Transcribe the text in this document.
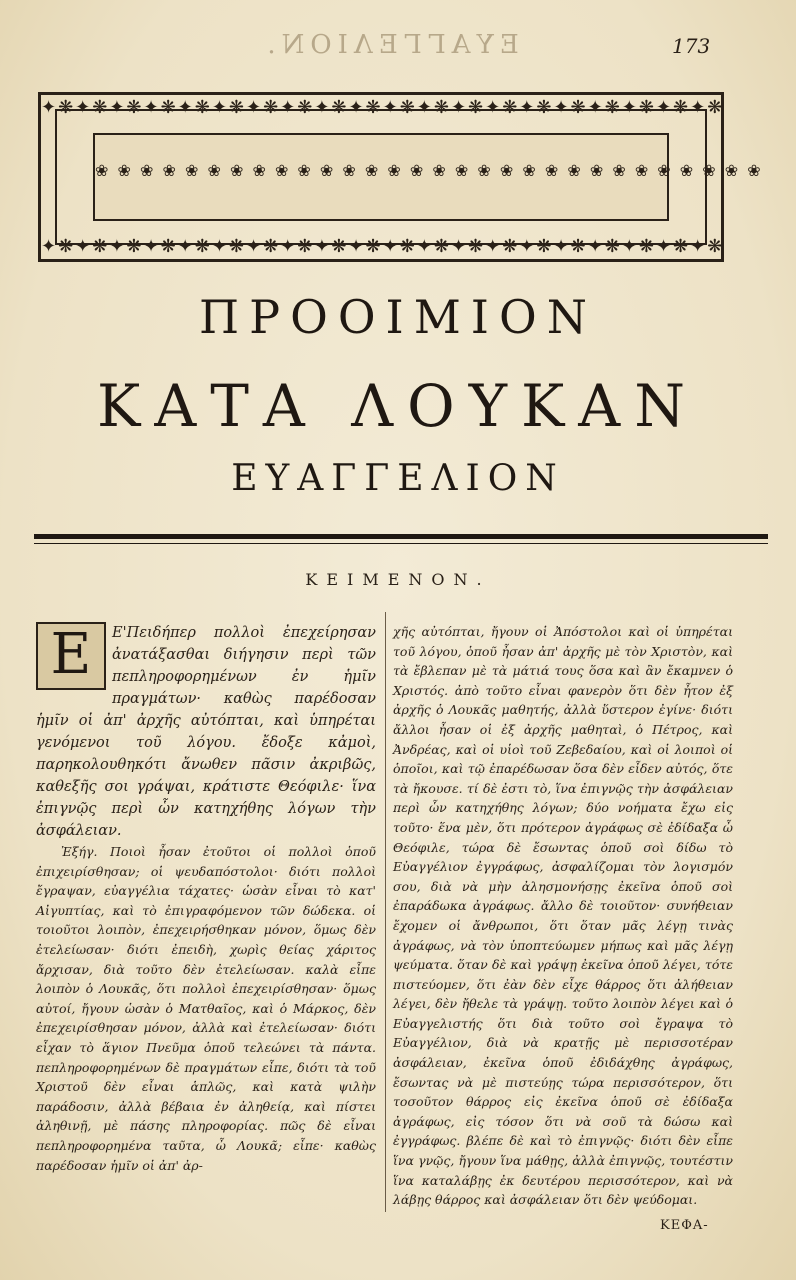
ΕΥΑΓΓΕΛΙΟΝ.	173
✦❋✦❋✦❋✦❋✦❋✦❋✦❋✦❋✦❋✦❋✦❋✦❋✦❋✦❋✦❋✦❋✦❋✦❋✦❋✦❋
❀ ❀ ❀ ❀ ❀ ❀ ❀ ❀ ❀ ❀ ❀ ❀ ❀ ❀ ❀ ❀ ❀ ❀ ❀ ❀ ❀ ❀ ❀ ❀ ❀ ❀ ❀ ❀ ❀ ❀
✦❋✦❋✦❋✦❋✦❋✦❋✦❋✦❋✦❋✦❋✦❋✦❋✦❋✦❋✦❋✦❋✦❋✦❋✦❋✦❋
ΠΡΟΟΙΜΙΟΝ
ΚΑΤΑ ΛΟΥΚΑΝ
ΕΥΑΓΓΕΛΙΟΝ
ΚΕΙΜΕΝΟΝ.
Ε	Ε'Πειδήπερ πολλοὶ ἐπεχείρησαν ἀνατάξασθαι διήγησιν περὶ τῶν πεπληροφορημένων ἐν ἡμῖν πραγμάτων· καθὼς παρέδοσαν ἡμῖν οἱ ἀπ' ἀρχῆς αὐτόπται, καὶ ὑπηρέται γενόμενοι τοῦ λόγου. ἔδοξε κἀμοὶ, παρηκολουθηκότι ἄνωθεν πᾶσιν ἀκριβῶς, καθεξῆς σοι γράψαι, κράτιστε Θεόφιλε· ἵνα ἐπιγνῷς περὶ ὧν κατηχήθης λόγων τὴν ἀσφάλειαν.

Ἐξήγ. Ποιοὶ ἦσαν ἐτοῦτοι οἱ πολλοὶ ὁποῦ ἐπιχειρίσθησαν; οἱ ψευδαπόστολοι· διότι πολλοὶ ἔγραψαν, εὐαγγέλια τάχατες· ὡσὰν εἶναι τὸ κατ' Αἰγυπτίας, καὶ τὸ ἐπιγραφόμενον τῶν δώδεκα. οἱ τοιοῦτοι λοιπὸν, ἐπεχειρήσθηκαν μόνον, ὅμως δὲν ἐτελείωσαν· διότι ἐπειδὴ, χωρὶς θείας χάριτος ἄρχισαν, διὰ τοῦτο δὲν ἐτελείωσαν. καλὰ εἶπε λοιπὸν ὁ Λουκᾶς, ὅτι πολλοὶ ἐπεχειρίσθησαν· ὅμως αὐτοί, ἤγουν ὡσὰν ὁ Ματθαῖος, καὶ ὁ Μάρκος, δὲν ἐπεχειρίσθησαν μόνον, ἀλλὰ καὶ ἐτελείωσαν· διότι εἶχαν τὸ ἅγιον Πνεῦμα ὁποῦ τελεώνει τὰ πάντα. πεπληροφορημένων δὲ πραγμάτων εἶπε, διότι τὰ τοῦ Χριστοῦ δὲν εἶναι ἁπλῶς, καὶ κατὰ ψιλὴν παράδοσιν, ἀλλὰ βέβαια ἐν ἀληθείᾳ, καὶ πίστει ἀληθινῇ, μὲ πάσης πληροφορίας. πῶς δὲ εἶναι πεπληροφορημένα ταῦτα, ὦ Λουκᾶ; εἶπε· καθὼς παρέδοσαν ἡμῖν οἱ ἀπ' ἀρ-

χῆς αὐτόπται, ἤγουν οἱ Ἀπόστολοι καὶ οἱ ὑπηρέται τοῦ λόγου, ὁποῦ ἦσαν ἀπ' ἀρχῆς μὲ τὸν Χριστὸν, καὶ τὰ ἔβλεπαν μὲ τὰ μάτιά τους ὅσα καὶ ἂν ἔκαμνεν ὁ Χριστός. ἀπὸ τοῦτο εἶναι φανερὸν ὅτι δὲν ἦτον ἐξ ἀρχῆς ὁ Λουκᾶς μαθητής, ἀλλὰ ὕστερον ἐγίνε· διότι ἄλλοι ἦσαν οἱ ἐξ ἀρχῆς μαθηταὶ, ὁ Πέτρος, καὶ Ἀνδρέας, καὶ οἱ υἱοὶ τοῦ Ζεβεδαίου, καὶ οἱ λοιποὶ οἱ ὁποῖοι, καὶ τῷ ἐπαρέδωσαν ὅσα δὲν εἶδεν αὐτός, ὅτε τὰ ἤκουσε. τί δὲ ἐστι τὸ, ἵνα ἐπιγνῷς τὴν ἀσφάλειαν περὶ ὧν κατηχήθης λόγων; δύο νοήματα ἔχω εἰς τοῦτο· ἕνα μὲν, ὅτι πρότερον ἀγράφως σὲ ἐδίδαξα ὦ Θεόφιλε, τώρα δὲ ἔσωντας ὁποῦ σοὶ δίδω τὸ Εὐαγγέλιον ἐγγράφως, ἀσφαλίζομαι τὸν λογισμόν σου, διὰ νὰ μὴν ἀλησμονήσῃς ἐκεῖνα ὁποῦ σοὶ ἐπαράδωκα ἀγράφως. ἄλλο δὲ τοιοῦτον· συνήθειαν ἔχομεν οἱ ἄνθρωποι, ὅτι ὅταν μᾶς λέγῃ τινὰς ἀγράφως, νὰ τὸν ὑποπτεύωμεν μήπως καὶ μᾶς λέγῃ ψεύματα. ὅταν δὲ καὶ γράψῃ ἐκεῖνα ὁποῦ λέγει, τότε πιστεύομεν, ὅτι ἐὰν δὲν εἶχε θάρρος ὅτι ἀλήθειαν λέγει, δὲν ἤθελε τὰ γράψῃ. τοῦτο λοιπὸν λέγει καὶ ὁ Εὐαγγελιστής ὅτι διὰ τοῦτο σοὶ ἔγραψα τὸ Εὐαγγέλιον, διὰ νὰ κρατῇς μὲ περισσοτέραν ἀσφάλειαν, ἐκεῖνα ὁποῦ ἐδιδάχθης ἀγράφως, ἔσωντας νὰ μὲ πιστεύῃς τώρα περισσότερον, ὅτι τοσοῦτον θάρρος εἰς ἐκεῖνα ὁποῦ σὲ ἐδίδαξα ἀγράφως, εἰς τόσον ὅτι νὰ σοῦ τὰ δώσω καὶ ἐγγράφως. βλέπε δὲ καὶ τὸ ἐπιγνῷς· διότι δὲν εἶπε ἵνα γνῷς, ἤγουν ἵνα μάθῃς, ἀλλὰ ἐπιγνῷς, τουτέστιν ἵνα καταλάβῃς ἐκ δευτέρου περισσότερον, καὶ νὰ λάβῃς θάρρος καὶ ἀσφάλειαν ὅτι δὲν ψεύδομαι.

ΚΕΦΑ-
